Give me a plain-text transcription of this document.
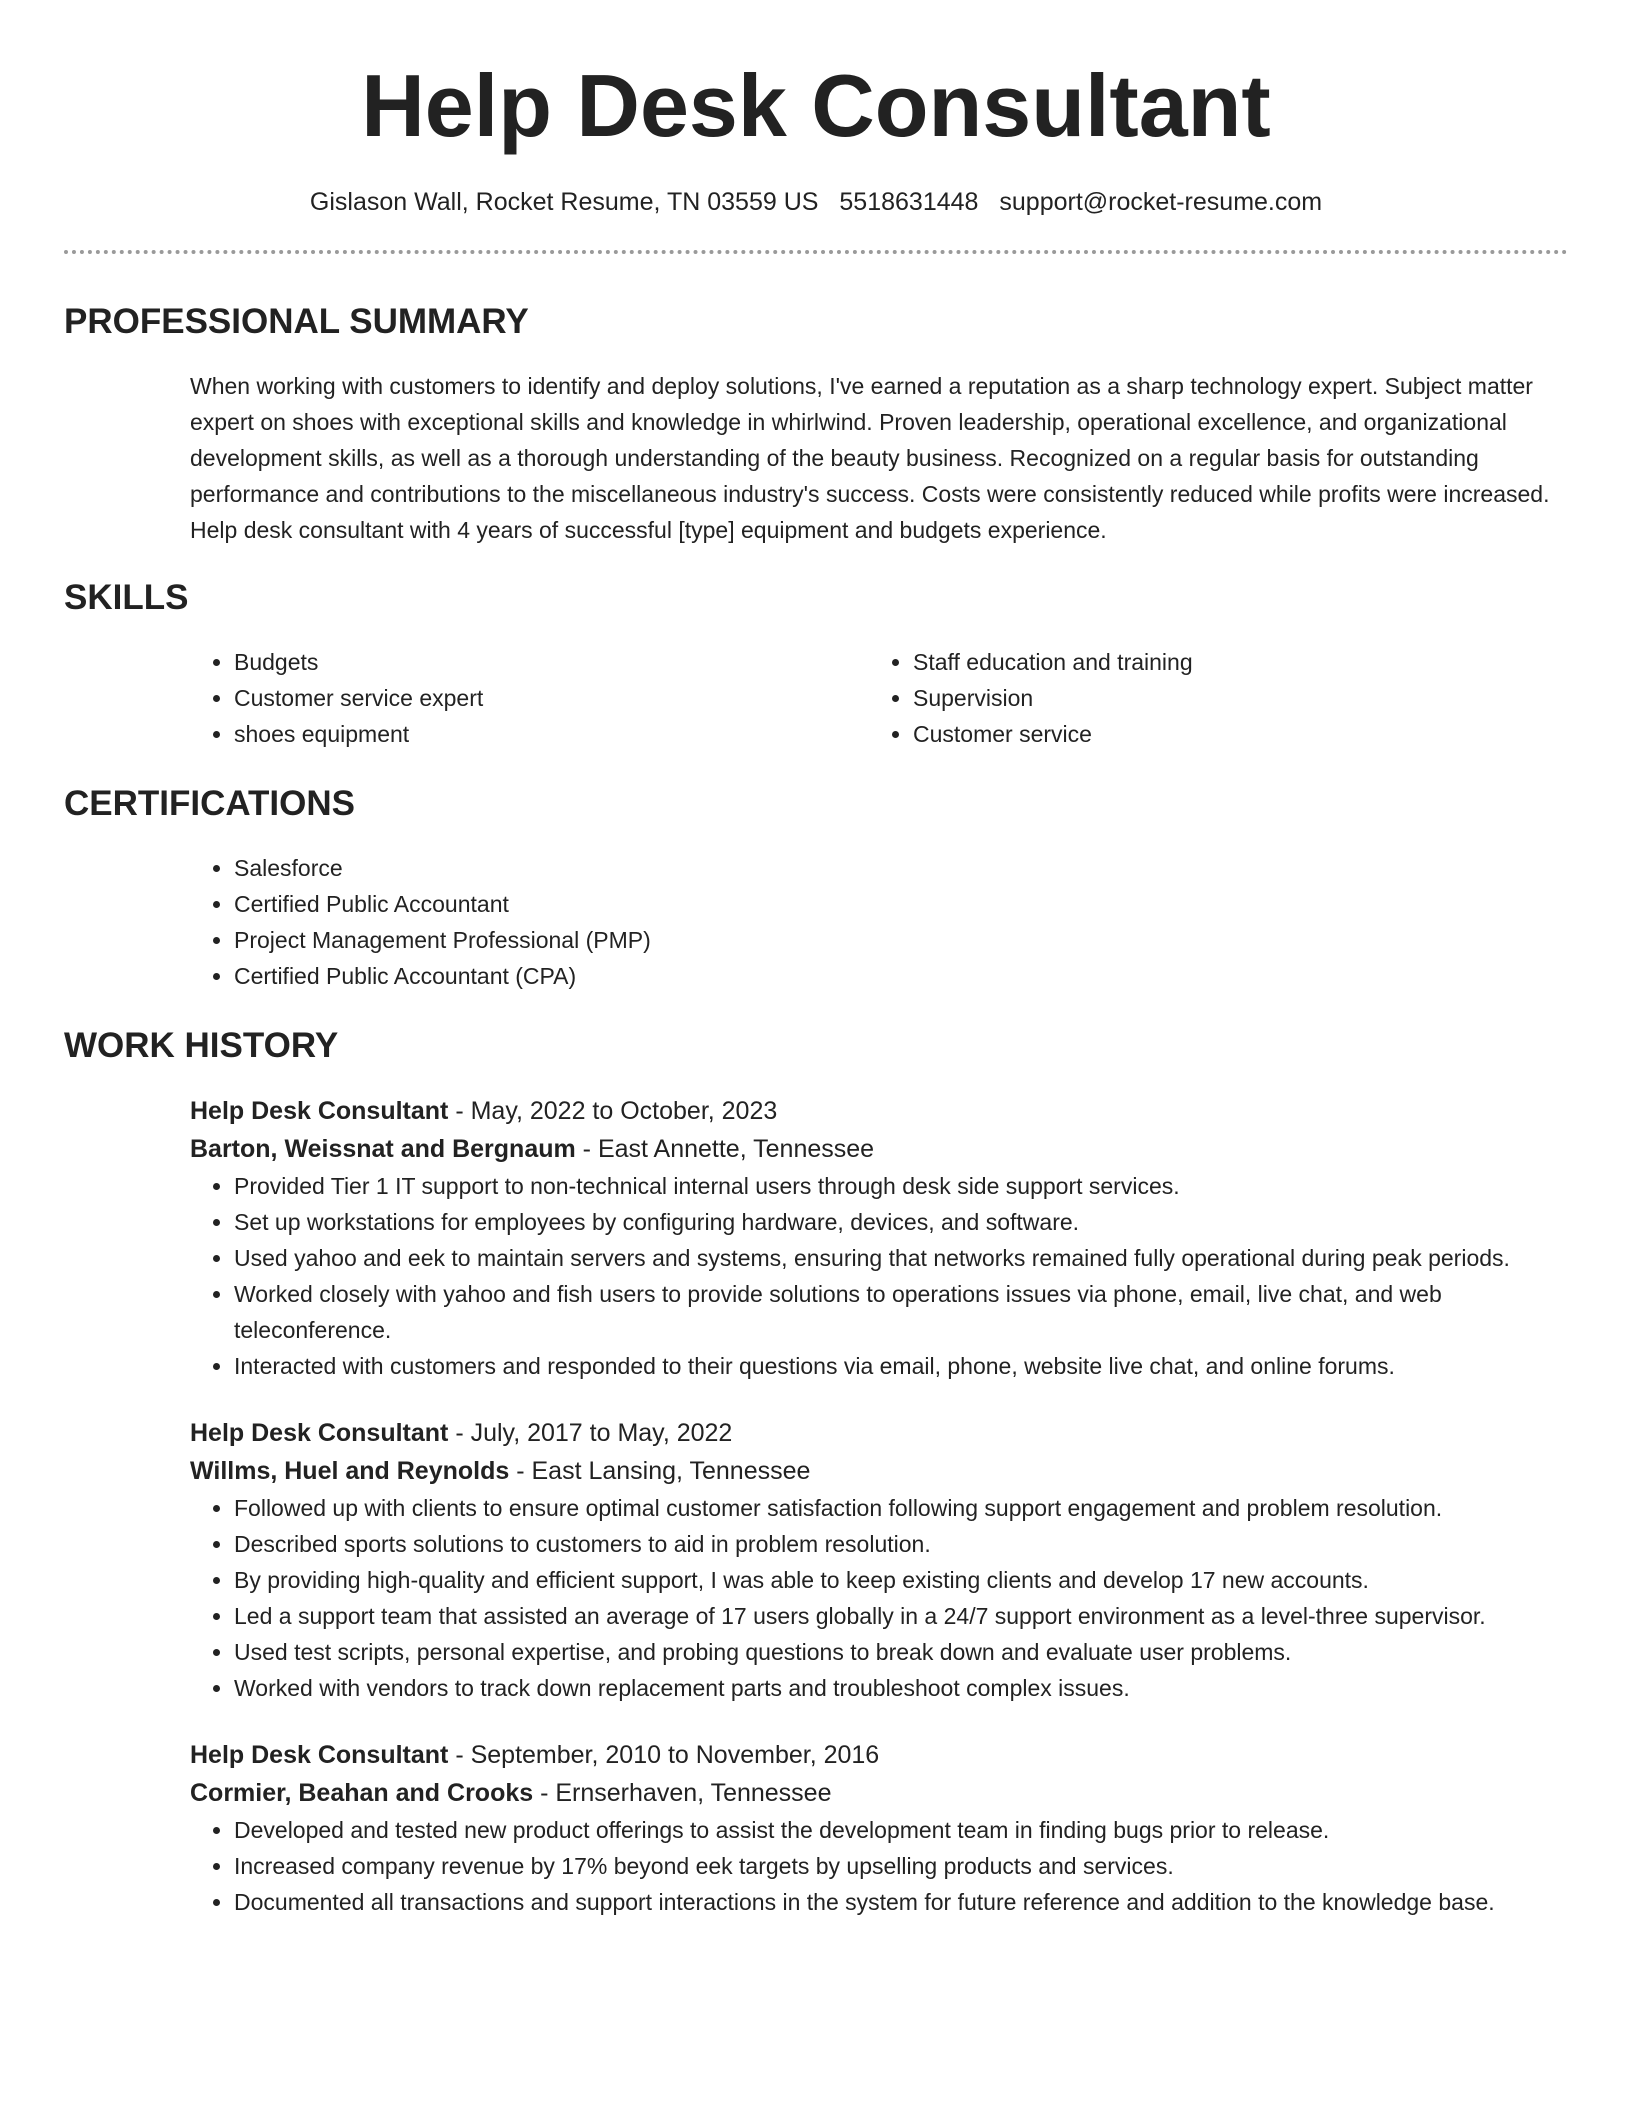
Help Desk Consultant
Gislason Wall, Rocket Resume, TN 03559 US 5518631448 support@rocket-resume.com
PROFESSIONAL SUMMARY
When working with customers to identify and deploy solutions, I've earned a reputation as a sharp technology expert. Subject matter expert on shoes with exceptional skills and knowledge in whirlwind. Proven leadership, operational excellence, and organizational development skills, as well as a thorough understanding of the beauty business. Recognized on a regular basis for outstanding performance and contributions to the miscellaneous industry's success. Costs were consistently reduced while profits were increased. Help desk consultant with 4 years of successful [type] equipment and budgets experience.
SKILLS
• Budgets
• Customer service expert
• shoes equipment
• Staff education and training
• Supervision
• Customer service
CERTIFICATIONS
• Salesforce
• Certified Public Accountant
• Project Management Professional (PMP)
• Certified Public Accountant (CPA)
WORK HISTORY
Help Desk Consultant - May, 2022 to October, 2023
Barton, Weissnat and Bergnaum - East Annette, Tennessee
• Provided Tier 1 IT support to non-technical internal users through desk side support services.
• Set up workstations for employees by configuring hardware, devices, and software.
• Used yahoo and eek to maintain servers and systems, ensuring that networks remained fully operational during peak periods.
• Worked closely with yahoo and fish users to provide solutions to operations issues via phone, email, live chat, and web teleconference.
• Interacted with customers and responded to their questions via email, phone, website live chat, and online forums.
Help Desk Consultant - July, 2017 to May, 2022
Willms, Huel and Reynolds - East Lansing, Tennessee
• Followed up with clients to ensure optimal customer satisfaction following support engagement and problem resolution.
• Described sports solutions to customers to aid in problem resolution.
• By providing high-quality and efficient support, I was able to keep existing clients and develop 17 new accounts.
• Led a support team that assisted an average of 17 users globally in a 24/7 support environment as a level-three supervisor.
• Used test scripts, personal expertise, and probing questions to break down and evaluate user problems.
• Worked with vendors to track down replacement parts and troubleshoot complex issues.
Help Desk Consultant - September, 2010 to November, 2016
Cormier, Beahan and Crooks - Ernserhaven, Tennessee
• Developed and tested new product offerings to assist the development team in finding bugs prior to release.
• Increased company revenue by 17% beyond eek targets by upselling products and services.
• Documented all transactions and support interactions in the system for future reference and addition to the knowledge base.
